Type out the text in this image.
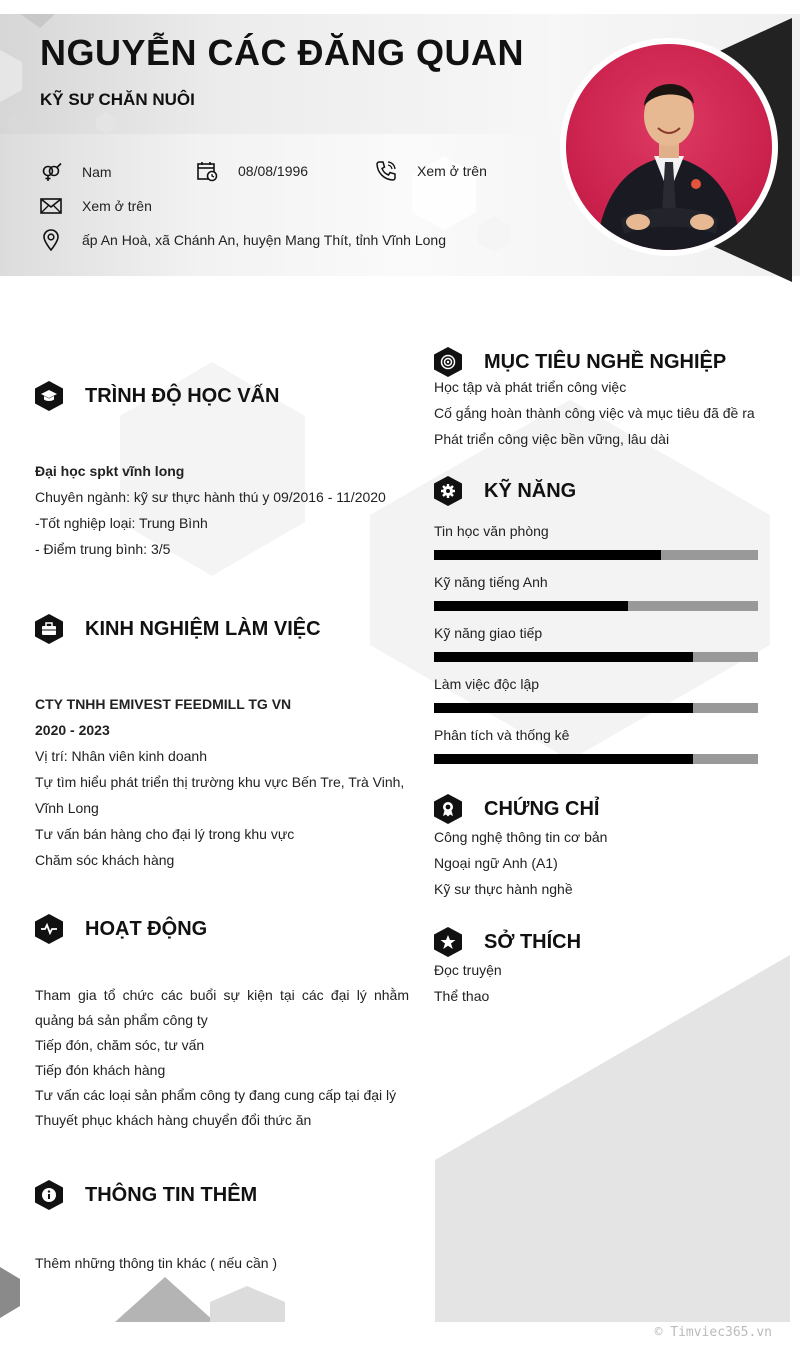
NGUYỄN CÁC ĐĂNG QUAN
KỸ SƯ CHĂN NUÔI
Nam	08/08/1996	Xem ở trên
Xem ở trên
ấp An Hoà, xã Chánh An, huyện Mang Thít, tỉnh Vĩnh Long
TRÌNH ĐỘ HỌC VẤN
Đại học spkt vĩnh long
Chuyên ngành: kỹ sư thực hành thú y 09/2016 - 11/2020
-Tốt nghiệp loại: Trung Bình
- Điểm trung bình: 3/5
KINH NGHIỆM LÀM VIỆC
CTY TNHH EMIVEST FEEDMILL TG VN
2020 - 2023
Vị trí: Nhân viên kinh doanh
Tự tìm hiểu phát triển thị trường khu vực Bến Tre, Trà Vinh, Vĩnh Long
Tư vấn bán hàng cho đại lý trong khu vực
Chăm sóc khách hàng
HOẠT ĐỘNG
Tham gia tổ chức các buổi sự kiện tại các đại lý nhằm quảng bá sản phẩm công ty
Tiếp đón, chăm sóc, tư vấn
Tiếp đón khách hàng
Tư vấn các loại sản phẩm công ty đang cung cấp tại đại lý
Thuyết phục khách hàng chuyển đổi thức ăn
THÔNG TIN THÊM
Thêm những thông tin khác ( nếu cần )
MỤC TIÊU NGHỀ NGHIỆP
Học tập và phát triển công việc
Cố gắng hoàn thành công việc và mục tiêu đã đề ra
Phát triển công việc bền vững, lâu dài
KỸ NĂNG
Tin học văn phòng
Kỹ năng tiếng Anh
Kỹ năng giao tiếp
Làm việc độc lập
Phân tích và thống kê
CHỨNG CHỈ
Công nghệ thông tin cơ bản
Ngoại ngữ Anh (A1)
Kỹ sư thực hành nghề
SỞ THÍCH
Đọc truyện
Thể thao
© Timviec365.vn
